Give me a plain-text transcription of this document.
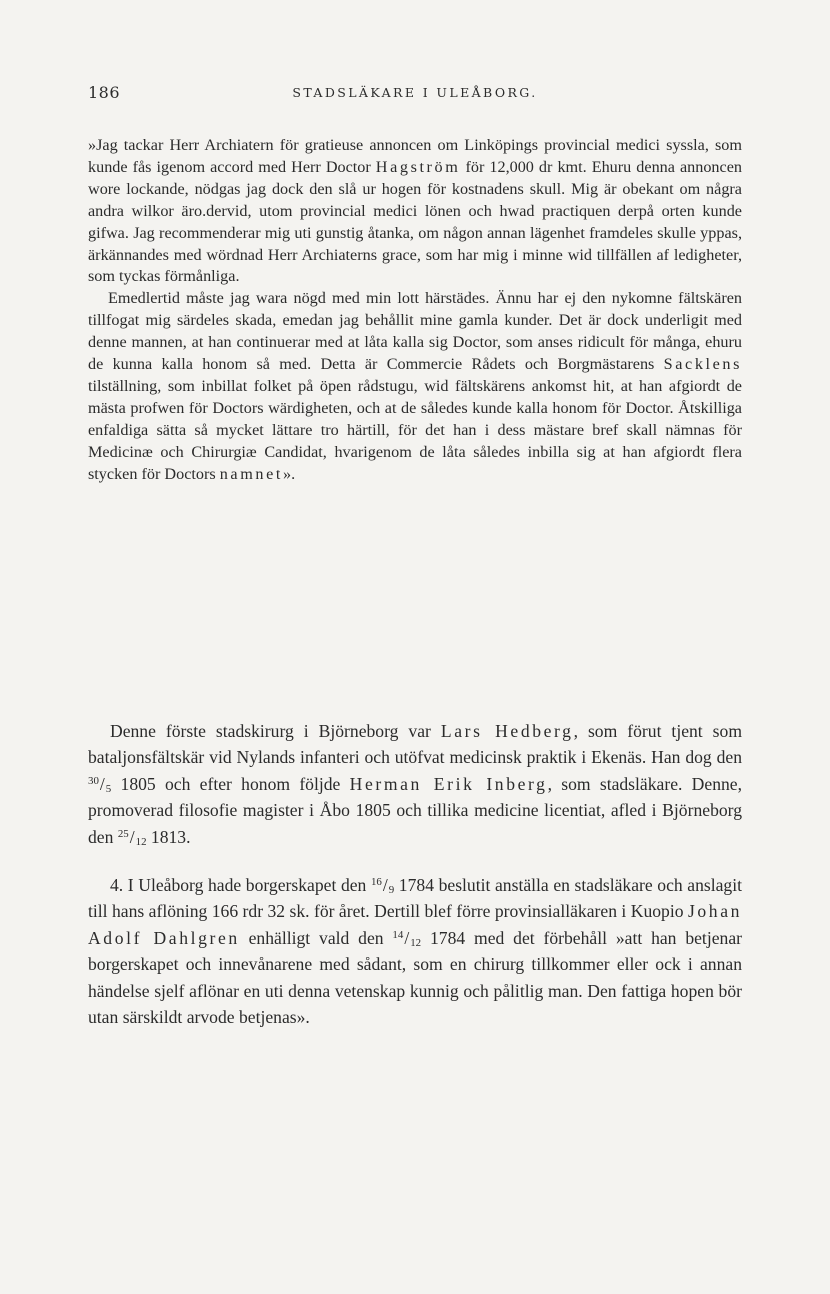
186	STADSLÄKARE I ULEÅBORG.

»Jag tackar Herr Archiatern för gratieuse annoncen om Linköpings provincial medici syssla, som kunde fås igenom accord med Herr Doctor Hagström för 12,000 dr kmt. Ehuru denna annoncen wore lockande, nödgas jag dock den slå ur hogen för kostnadens skull. Mig är obekant om några andra wilkor äro.dervid, utom provincial medici lönen och hwad practiquen derpå orten kunde gifwa. Jag recommenderar mig uti gunstig åtanka, om någon annan lägenhet framdeles skulle yppas, ärkännandes med wördnad Herr Archiaterns grace, som har mig i minne wid tillfällen af ledigheter, som tyckas förmånliga.

Emedlertid måste jag wara nögd med min lott härstädes. Ännu har ej den nykomne fältskären tillfogat mig särdeles skada, emedan jag behållit mine gamla kunder. Det är dock underligit med denne mannen, at han continuerar med at låta kalla sig Doctor, som anses ridicult för många, ehuru de kunna kalla honom så med. Detta är Commercie Rådets och Borgmästarens Sacklens tilställning, som inbillat folket på öpen rådstugu, wid fältskärens ankomst hit, at han afgiordt de mästa profwen för Doctors wärdigheten, och at de således kunde kalla honom för Doctor. Åtskilliga enfaldiga sätta så mycket lättare tro härtill, för det han i dess mästare bref skall nämnas för Medicinæ och Chirurgiæ Candidat, hvarigenom de låta således inbilla sig at han afgiordt flera stycken för Doctors namnet».

Denne förste stadskirurg i Björneborg var Lars Hedberg, som förut tjent som bataljonsfältskär vid Nylands infanteri och utöfvat medicinsk praktik i Ekenäs. Han dog den $^{30}/_5$ 1805 och efter honom följde Herman Erik Inberg, som stadsläkare. Denne, promoverad filosofie magister i Åbo 1805 och tillika medicine licentiat, afled i Björneborg den $^{25}/_{12}$ 1813.

4. I Uleåborg hade borgerskapet den $^{16}/_9$ 1784 beslutit anställa en stadsläkare och anslagit till hans aflöning 166 rdr 32 sk. för året. Dertill blef förre provinsialläkaren i Kuopio Johan Adolf Dahlgren enhälligt vald den $^{14}/_{12}$ 1784 med det förbehåll »att han betjenar borgerskapet och innevånarene med sådant, som en chirurg tillkommer eller ock i annan händelse sjelf aflönar en uti denna vetenskap kunnig och pålitlig man. Den fattiga hopen bör utan särskildt arvode betjenas».
